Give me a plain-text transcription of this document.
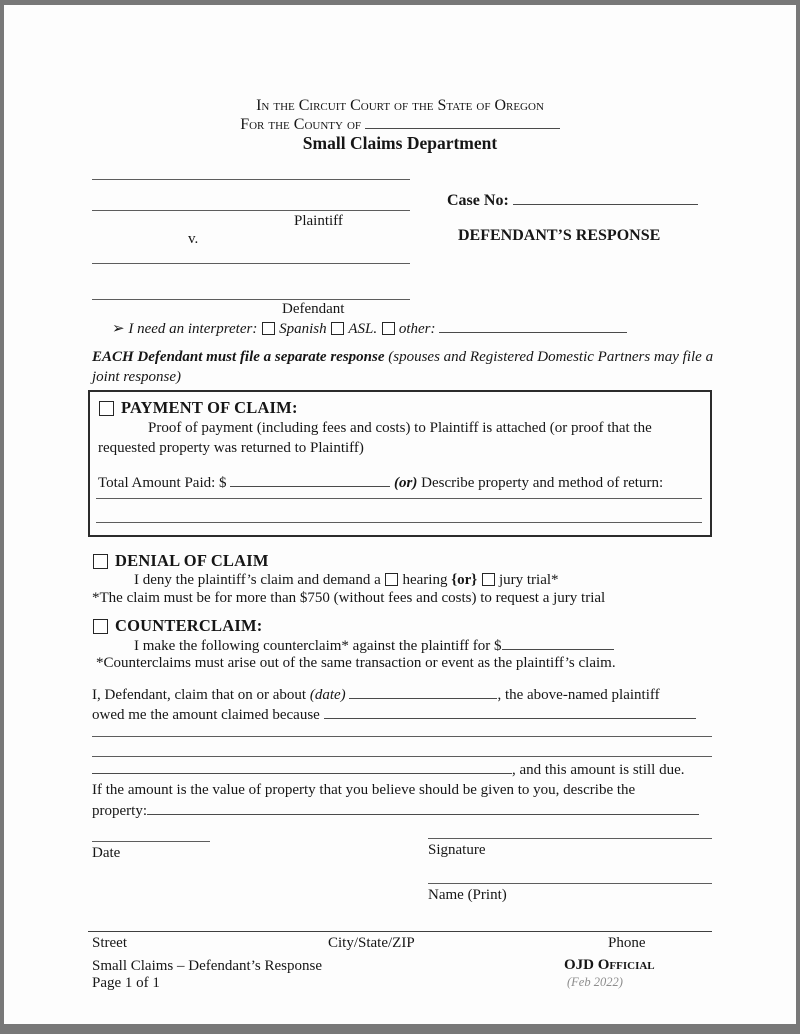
In the Circuit Court of the State of Oregon
For the County of
Small Claims Department
Case No:
Plaintiff
v.	DEFENDANT’S RESPONSE
Defendant
➢ I need an interpreter: Spanish ASL. other:
EACH Defendant must file a separate response (spouses and Registered Domestic Partners may file a joint response)
PAYMENT OF CLAIM:
Proof of payment (including fees and costs) to Plaintiff is attached (or proof that the requested property was returned to Plaintiff)
Total Amount Paid: $	(or) Describe property and method of return:
DENIAL OF CLAIM
I deny the plaintiff’s claim and demand a hearing {or} jury trial*
*The claim must be for more than $750 (without fees and costs) to request a jury trial
COUNTERCLAIM:
I make the following counterclaim* against the plaintiff for $
*Counterclaims must arise out of the same transaction or event as the plaintiff’s claim.
I, Defendant, claim that on or about (date)	, the above-named plaintiff
owed me the amount claimed because
, and this amount is still due.
If the amount is the value of property that you believe should be given to you, describe the
property:
Date	Signature
Name (Print)
Street	City/State/ZIP	Phone
Small Claims – Defendant’s Response
Page 1 of 1
OJD Official
(Feb 2022)
